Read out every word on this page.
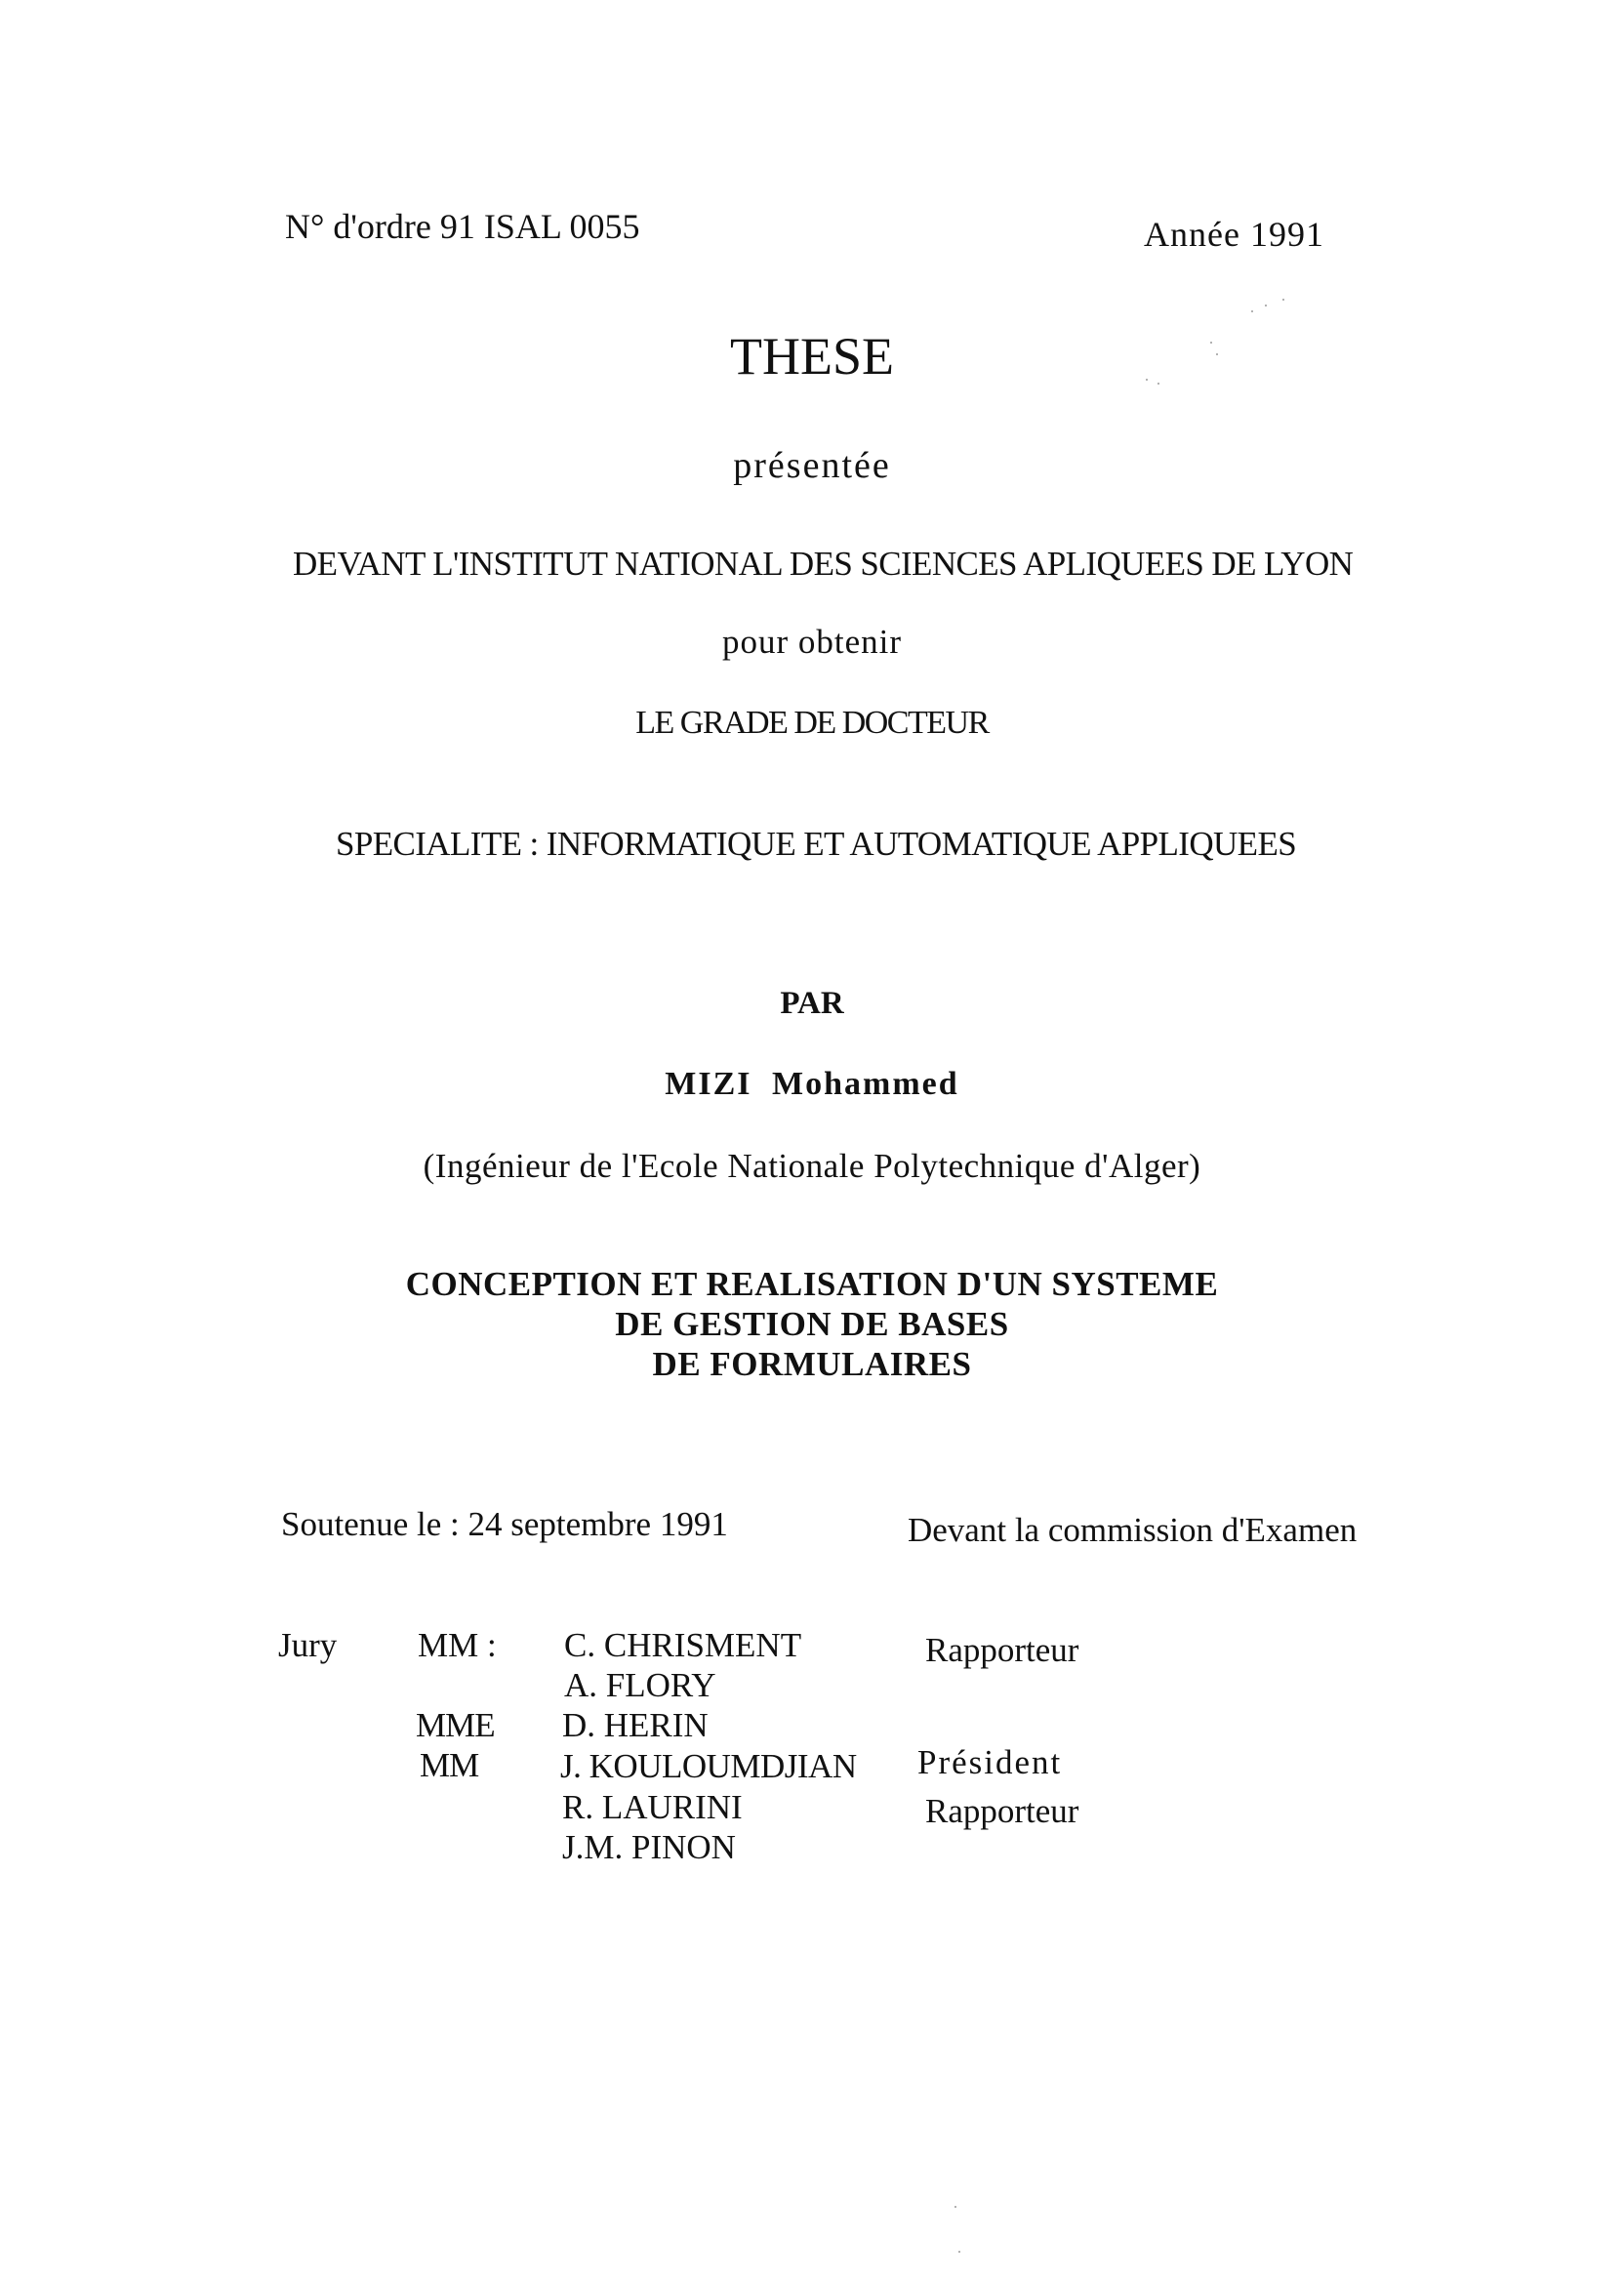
N° d'ordre 91 ISAL 0055	Année 1991
THESE
présentée
DEVANT L'INSTITUT NATIONAL DES SCIENCES APLIQUEES DE LYON
pour obtenir
LE GRADE DE DOCTEUR
SPECIALITE : INFORMATIQUE ET AUTOMATIQUE APPLIQUEES
PAR
MIZI Mohammed
(Ingénieur de l'Ecole Nationale Polytechnique d'Alger)
CONCEPTION ET REALISATION D'UN SYSTEME
DE GESTION DE BASES
DE FORMULAIRES
Soutenue le : 24 septembre 1991	Devant la commission d'Examen
Jury MM : C. CHRISMENT	Rapporteur
A. FLORY
MME D. HERIN
MM J. KOULOUMDJIAN Président
R. LAURINI	Rapporteur
J.M. PINON
